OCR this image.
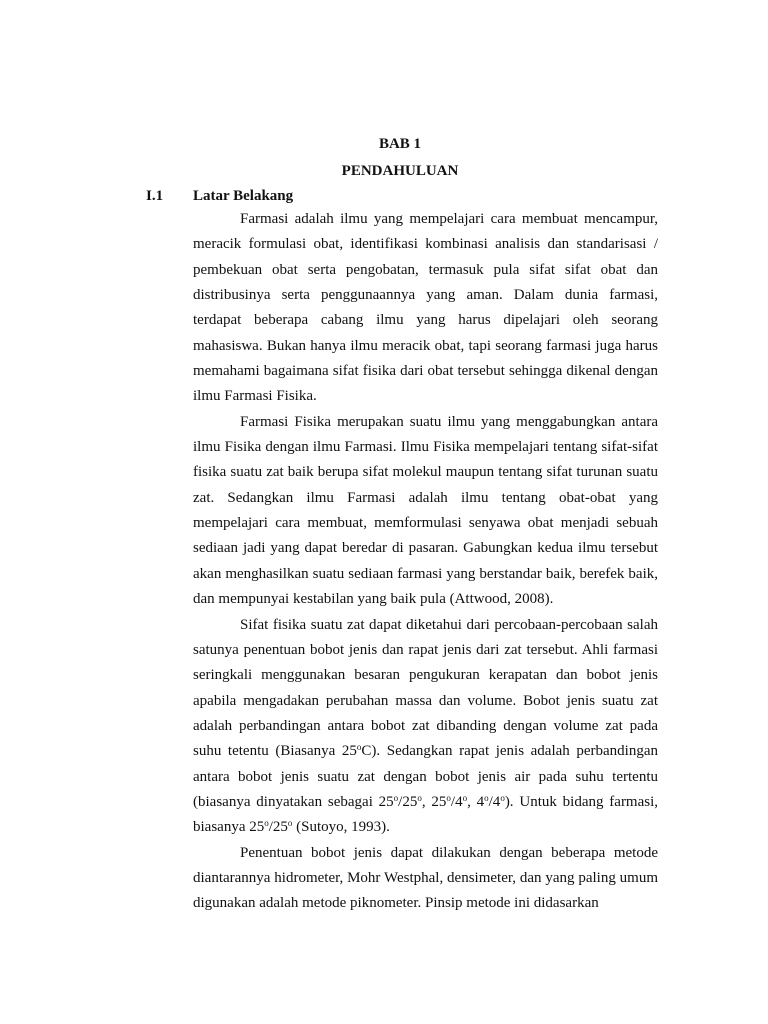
BAB 1
PENDAHULUAN
I.1 Latar Belakang

Farmasi adalah ilmu yang mempelajari cara membuat mencampur, meracik formulasi obat, identifikasi kombinasi analisis dan standarisasi / pembekuan obat serta pengobatan, termasuk pula sifat sifat obat dan distribusinya serta penggunaannya yang aman. Dalam dunia farmasi, terdapat beberapa cabang ilmu yang harus dipelajari oleh seorang mahasiswa. Bukan hanya ilmu meracik obat, tapi seorang farmasi juga harus memahami bagaimana sifat fisika dari obat tersebut sehingga dikenal dengan ilmu Farmasi Fisika.

Farmasi Fisika merupakan suatu ilmu yang menggabungkan antara ilmu Fisika dengan ilmu Farmasi. Ilmu Fisika mempelajari tentang sifat-sifat fisika suatu zat baik berupa sifat molekul maupun tentang sifat turunan suatu zat. Sedangkan ilmu Farmasi adalah ilmu tentang obat-obat yang mempelajari cara membuat, memformulasi senyawa obat menjadi sebuah sediaan jadi yang dapat beredar di pasaran. Gabungkan kedua ilmu tersebut akan menghasilkan suatu sediaan farmasi yang berstandar baik, berefek baik, dan mempunyai kestabilan yang baik pula (Attwood, 2008).

Sifat fisika suatu zat dapat diketahui dari percobaan-percobaan salah satunya penentuan bobot jenis dan rapat jenis dari zat tersebut. Ahli farmasi seringkali menggunakan besaran pengukuran kerapatan dan bobot jenis apabila mengadakan perubahan massa dan volume. Bobot jenis suatu zat adalah perbandingan antara bobot zat dibanding dengan volume zat pada suhu tetentu (Biasanya 25$^o$C). Sedangkan rapat jenis adalah perbandingan antara bobot jenis suatu zat dengan bobot jenis air pada suhu tertentu (biasanya dinyatakan sebagai 25$^o$/25$^o$, 25$^o$/4$^o$, 4$^o$/4$^o$). Untuk bidang farmasi, biasanya 25$^o$/25$^o$ (Sutoyo, 1993).

Penentuan bobot jenis dapat dilakukan dengan beberapa metode diantarannya hidrometer, Mohr Westphal, densimeter, dan yang paling umum digunakan adalah metode piknometer. Pinsip metode ini didasarkan
